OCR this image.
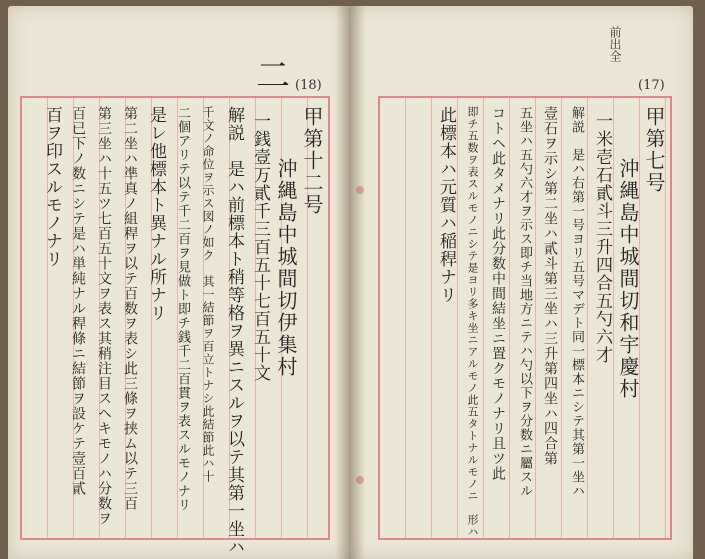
二 (18)
甲第十二号
沖縄島中城間切伊集村
一銭壹万貳千三百五十七百五十文
解説　是ハ前標本ト稍等格ヲ異ニスルヲ以テ其第一坐ハ
千文ノ命位ヲ示ス図ノ如ク　其一結節ヲ百立トナシ此結節此ハ十
二個アリテ以テ千二百ヲ見做ト即チ銭千二百貫ヲ表スルモノナリ
是レ他標本ト異ナル所ナリ
第二坐ハ凖真ノ組稈ヲ以テ百数ヲ表シ此三條ヲ挟ム以テ三百
第三坐ハ十五ツ七百五十文ヲ表ス其稍注目スヘキモノハ分数ヲ
百已下ノ数ニシテ是ハ単純ナル稈條ニ結節ヲ設ケテ壹百貳
百ヲ印スルモノナリ
前出全
(17)
甲第七号
沖縄島中城間切和宇慶村
一米壱石貳斗三升四合五勺六才
解説　是ハ右第一号ヨリ五号マデト同一標本ニシテ其第一坐ハ
壹石ヲ示シ第二坐ハ貳斗第三坐ハ三升第四坐ハ四合第
五坐ハ五勺六才ヲ示ス即チ当地方ニテハ勺以下ヲ分数ニ屬スル
コトヘ此タメナリ此分数中間結坐ニ置クモノナリ且ツ此
即チ五数ヲ表スルモノニシテ是ヨリ多キ坐ニアルモノ此五タトナルモノニ　形ハ
此標本ハ元質ハ稲稈ナリ
